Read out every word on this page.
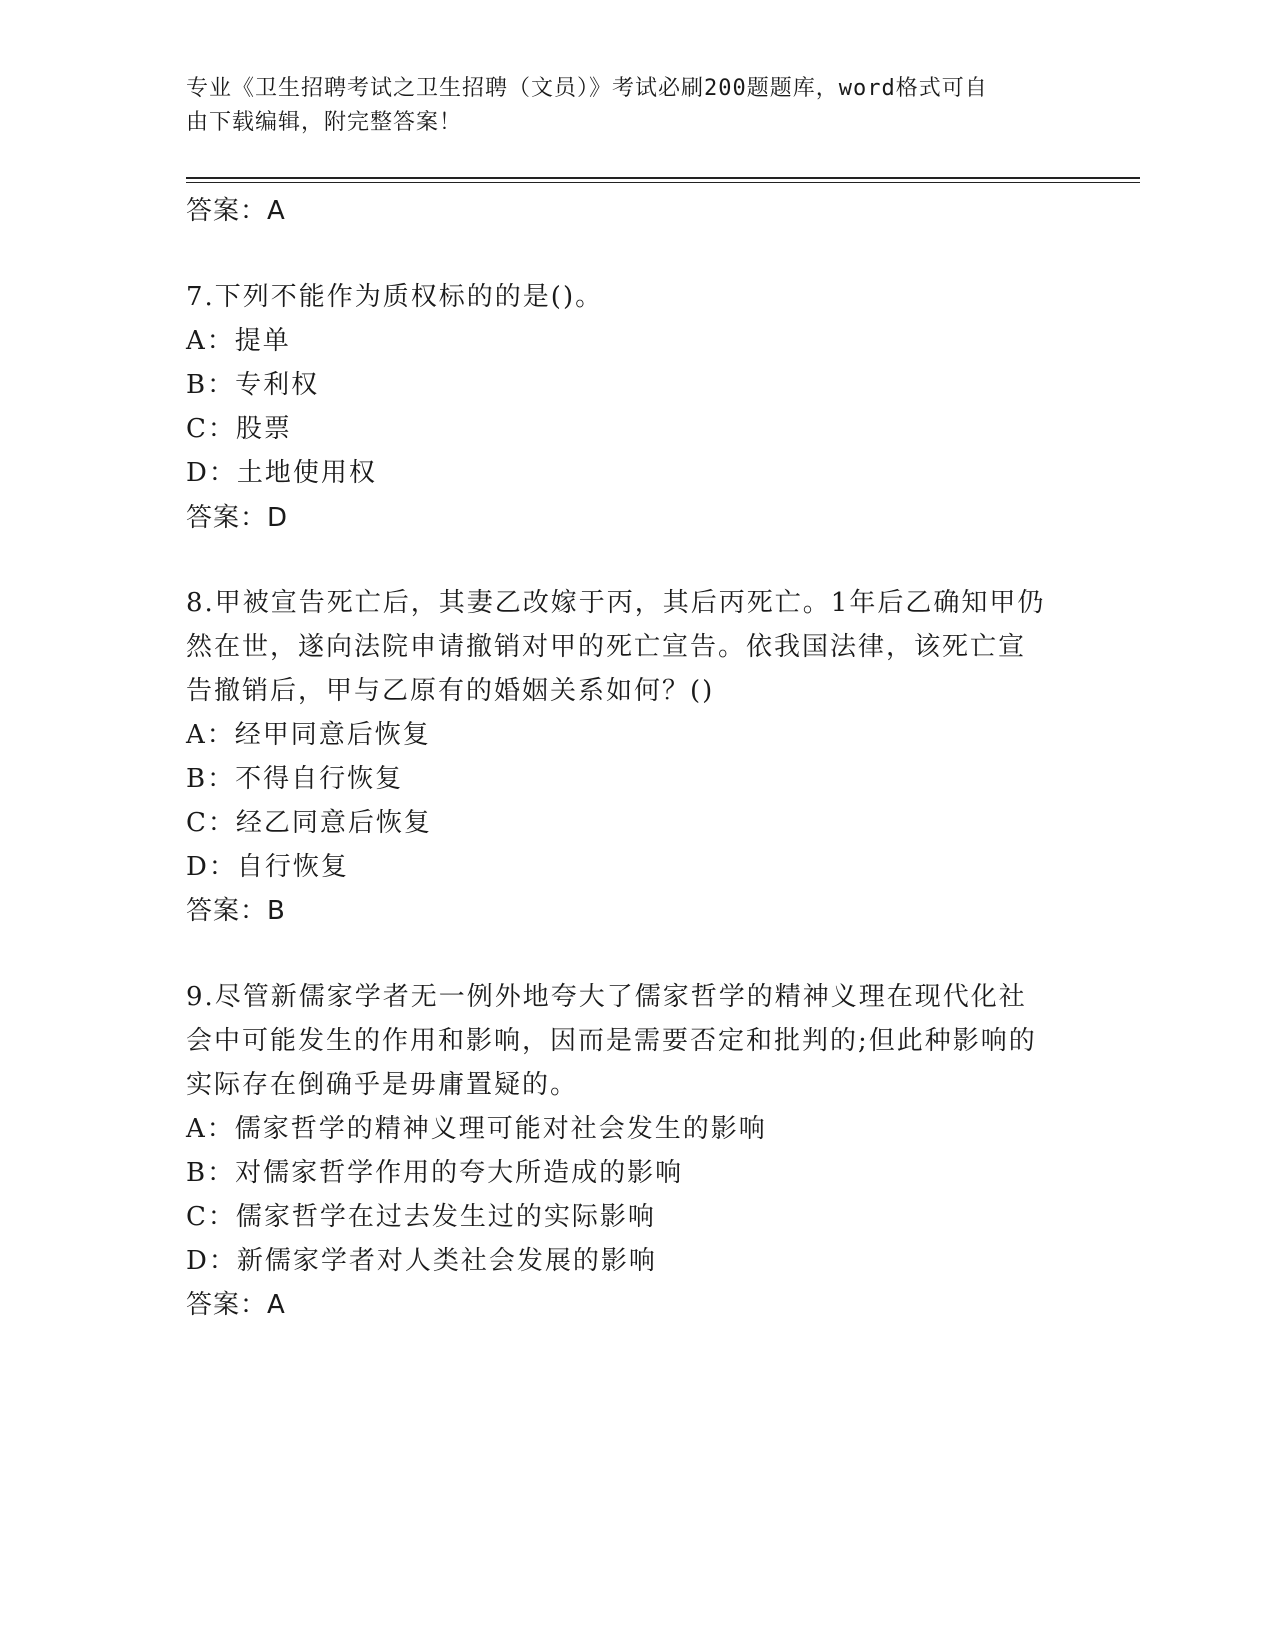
专业《卫生招聘考试之卫生招聘（文员）》考试必刷200题题库，word格式可自
由下载编辑，附完整答案！
答案：A
7.下列不能作为质权标的的是()。
A：提单
B：专利权
C：股票
D：土地使用权
答案：D
8.甲被宣告死亡后，其妻乙改嫁于丙，其后丙死亡。1年后乙确知甲仍
然在世，遂向法院申请撤销对甲的死亡宣告。依我国法律，该死亡宣
告撤销后，甲与乙原有的婚姻关系如何？()
A：经甲同意后恢复
B：不得自行恢复
C：经乙同意后恢复
D：自行恢复
答案：B
9.尽管新儒家学者无一例外地夸大了儒家哲学的精神义理在现代化社
会中可能发生的作用和影响，因而是需要否定和批判的;但此种影响的
实际存在倒确乎是毋庸置疑的。
A：儒家哲学的精神义理可能对社会发生的影响
B：对儒家哲学作用的夸大所造成的影响
C：儒家哲学在过去发生过的实际影响
D：新儒家学者对人类社会发展的影响
答案：A
